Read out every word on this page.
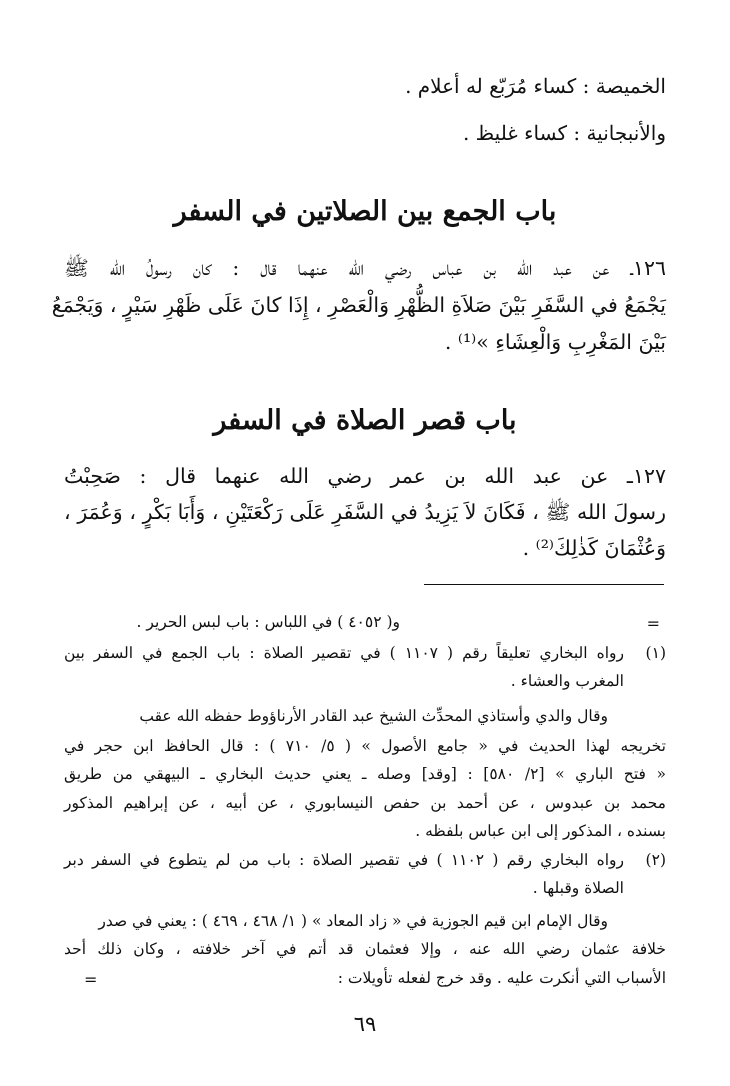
الخميصة : كساء مُرَبّع له أعلام .
والأنبجانية : كساء غليظ .
باب الجمع بين الصلاتين في السفر
١٢٦ـ عن عبد الله بن عباس رضي الله عنهما قال : كان رسولُ الله ﷺ
يَجْمَعُ في السَّفَرِ بَيْنَ صَلاَةِ الظُّهْرِ وَالْعَصْرِ ، إِذَا كانَ عَلَى ظَهْرِ سَيْرٍ ، وَيَجْمَعُ
بَيْنَ المَغْرِبِ وَالْعِشَاءِ »⁽¹⁾ .
باب قصر الصلاة في السفر
١٢٧ـ عن عبد الله بن عمر رضي الله عنهما قال : صَحِبْتُ
رسولَ الله ﷺ ، فَكَانَ لاَ يَزِيدُ في السَّفَرِ عَلَى رَكْعَتَيْنِ ، وَأَبَا بَكْرٍ ، وَعُمَرَ ،
وَعُثْمَانَ كَذٰلِكَ⁽²⁾ .
=
و( ٤٠٥٢ ) في اللباس : باب لبس الحرير .
(١)
رواه البخاري تعليقاً رقم ( ١١٠٧ ) في تقصير الصلاة : باب الجمع في السفر بين
المغرب والعشاء .
وقال والدي وأستاذي المحدِّث الشيخ عبد القادر الأرناؤوط حفظه الله عقب
تخريجه لهذا الحديث في « جامع الأصول » ( ٥/ ٧١٠ ) : قال الحافظ ابن حجر في
« فتح الباري » [٢/ ٥٨٠] : [وقد] وصله ـ يعني حديث البخاري ـ البيهقي من طريق
محمد بن عبدوس ، عن أحمد بن حفص النيسابوري ، عن أبيه ، عن إبراهيم المذكور
بسنده ، المذكور إلى ابن عباس بلفظه .
(٢)
رواه البخاري رقم ( ١١٠٢ ) في تقصير الصلاة : باب من لم يتطوع في السفر دبر
الصلاة وقبلها .
وقال الإمام ابن قيم الجوزية في « زاد المعاد » ( ١/ ٤٦٨ ، ٤٦٩ ) : يعني في صدر
خلافة عثمان رضي الله عنه ، وإلا فعثمان قد أتم في آخر خلافته ، وكان ذلك أحد
الأسباب التي أنكرت عليه . وقد خرج لفعله تأويلات :
=
٦٩
